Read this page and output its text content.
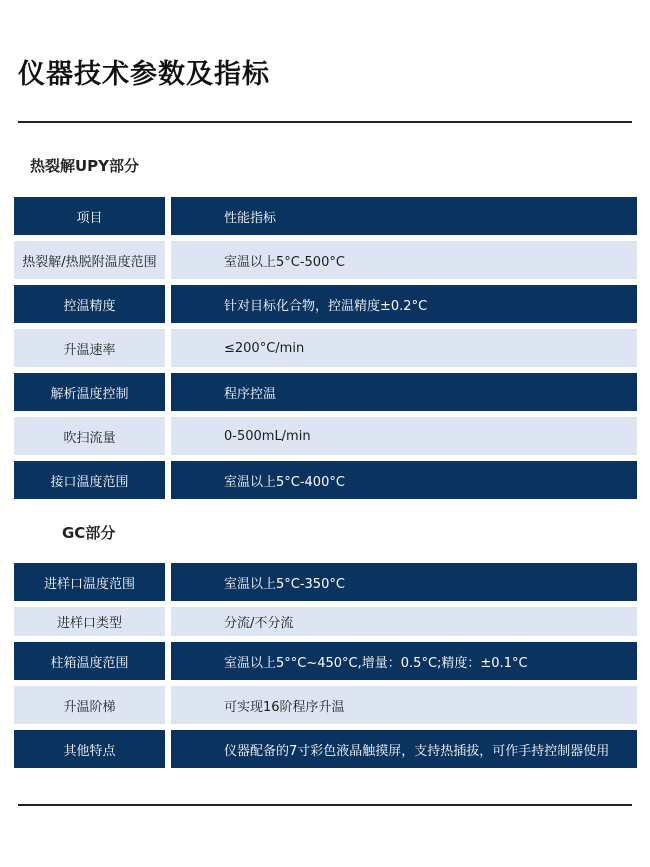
仪器技术参数及指标
热裂解UPY部分
项目	性能指标
热裂解/热脱附温度范围	室温以上5°C-500°C
控温精度	针对目标化合物，控温精度±0.2°C
升温速率	≤200°C/min
解析温度控制	程序控温
吹扫流量	0-500mL/min
接口温度范围	室温以上5°C-400°C
GC部分
进样口温度范围	室温以上5°C-350°C
进样口类型	分流/不分流
柱箱温度范围	室温以上5°°C~450°C,增量：0.5°C;精度：±0.1°C
升温阶梯	可实现16阶程序升温
其他特点	仪器配备的7寸彩色液晶触摸屏，支持热插拔，可作手持控制器使用
